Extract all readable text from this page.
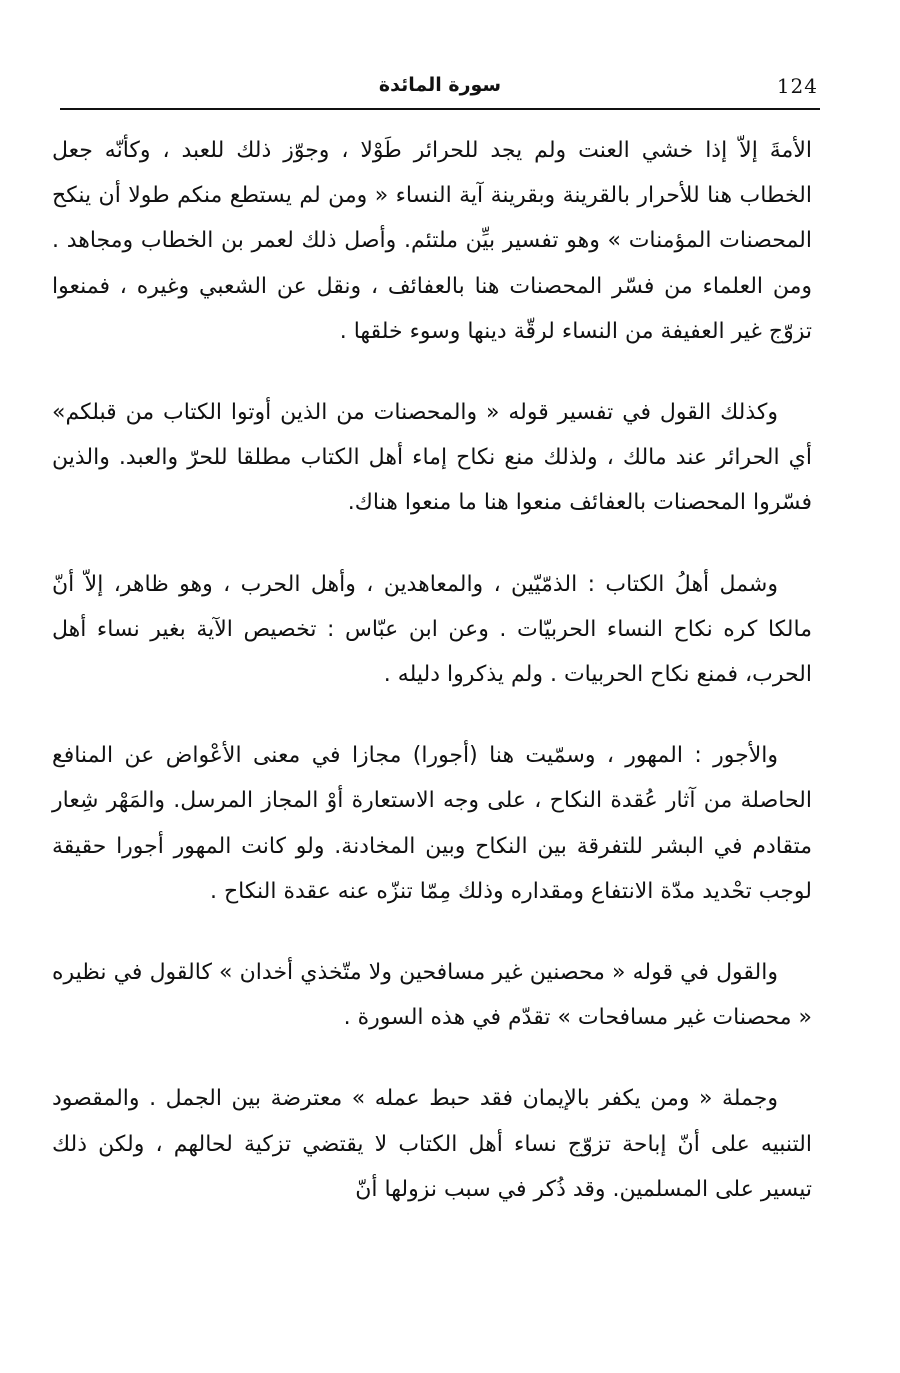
124
سورة المائدة

الأمةَ إلاّ إذا خشي العنت ولم يجد للحرائر طَوْلا ، وجوّز ذلك للعبد ، وكأنّه جعل الخطاب هنا للأحرار بالقرينة وبقرينة آية النساء « ومن لم يستطع منكم طولا أن ينكح المحصنات المؤمنات » وهو تفسير بيِّن ملتئم. وأصل ذلك لعمر بن الخطاب ومجاهد . ومن العلماء من فسّر المحصنات هنا بالعفائف ، ونقل عن الشعبي وغيره ، فمنعوا تزوّج غير العفيفة من النساء لرقّة دينها وسوء خلقها .

وكذلك القول في تفسير قوله « والمحصنات من الذين أوتوا الكتاب من قبلكم» أي الحرائر عند مالك ، ولذلك منع نكاح إماء أهل الكتاب مطلقا للحرّ والعبد. والذين فسّروا المحصنات بالعفائف منعوا هنا ما منعوا هناك.

وشمل أهلُ الكتاب : الذمّيّين ، والمعاهدين ، وأهل الحرب ، وهو ظاهر، إلاّ أنّ مالكا كره نكاح النساء الحربيّات . وعن ابن عبّاس : تخصيص الآية بغير نساء أهل الحرب، فمنع نكاح الحربيات . ولم يذكروا دليله .

والأجور : المهور ، وسمّيت هنا (أجورا) مجازا في معنى الأعْواض عن المنافع الحاصلة من آثار عُقدة النكاح ، على وجه الاستعارة أوْ المجاز المرسل. والمَهْر شِعار متقادم في البشر للتفرقة بين النكاح وبين المخادنة. ولو كانت المهور أجورا حقيقة لوجب تحْديد مدّة الانتفاع ومقداره وذلك مِمّا تنزّه عنه عقدة النكاح .

والقول في قوله « محصنين غير مسافحين ولا متّخذي أخدان » كالقول في نظيره « محصنات غير مسافحات » تقدّم في هذه السورة .

وجملة « ومن يكفر بالإيمان فقد حبط عمله » معترضة بين الجمل . والمقصود التنبيه على أنّ إباحة تزوّج نساء أهل الكتاب لا يقتضي تزكية لحالهم ، ولكن ذلك تيسير على المسلمين. وقد ذُكر في سبب نزولها أنّ
